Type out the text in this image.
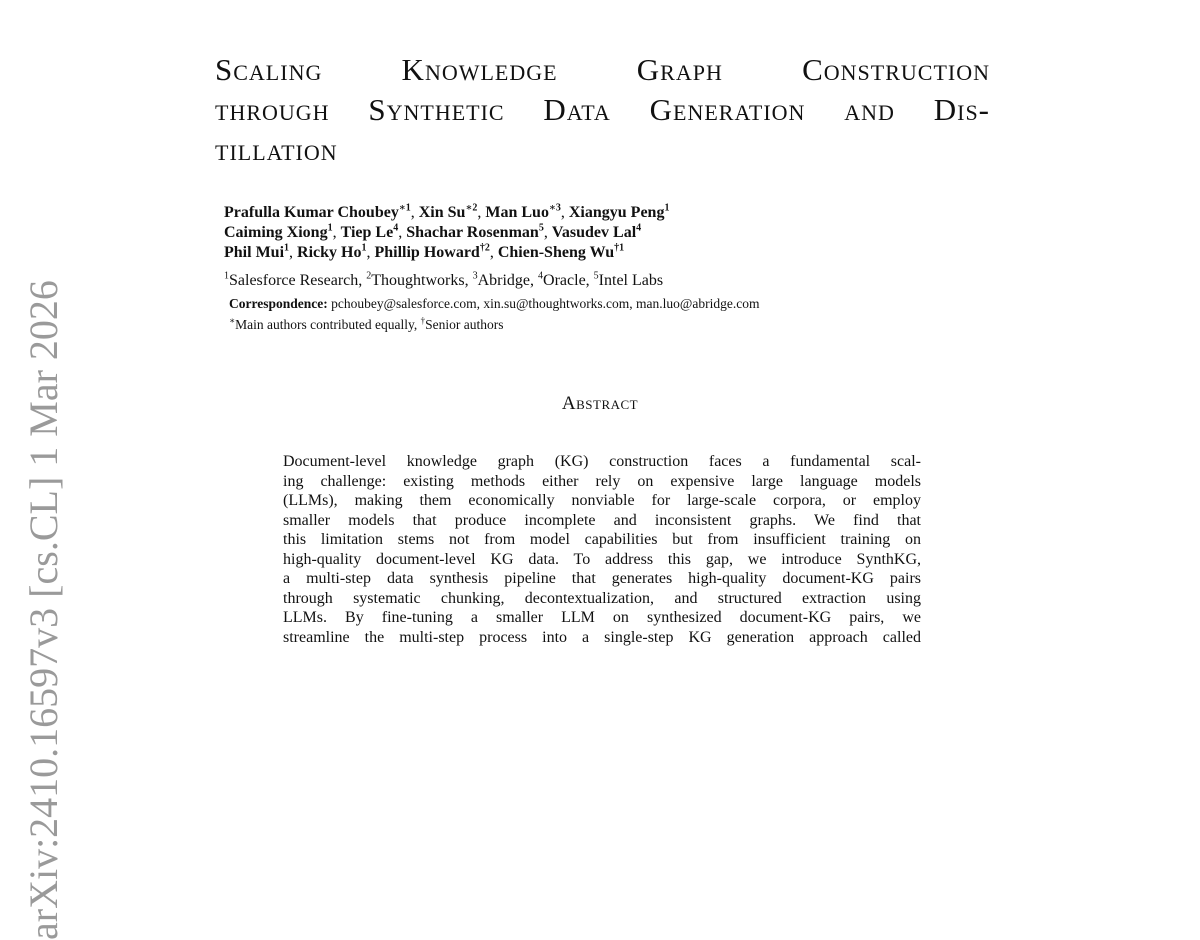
Scaling Knowledge Graph Construction
through Synthetic Data Generation and Dis-
tillation
Prafulla Kumar Choubey$^{∗1}$, Xin $Su^{∗2}$, Man Luo$^{∗3}$, Xiangyu Peng$^1$
Caiming Xiong$^1$, Tiep Le$^4$, Shachar Rosenman$^5$, Vasudev Lal$^4$
Phil Mui$^1$, Ricky Ho$^1$, Phillip Howard$^{\dagger 2}$, Chien-Sheng Wu$^{\dagger 1}$
$^1$Salesforce Research, $^2$Thoughtworks, $^3$Abridge, $^4$Oracle, $^5$Intel Labs
Correspondence: pchoubey@salesforce.com, xin.su@thoughtworks.com, man.luo@abridge.com
∗Main authors contributed equally, †Senior authors
Abstract
Document-level knowledge graph (KG) construction faces a fundamental scal-
ing challenge: existing methods either rely on expensive large language models
(LLMs), making them economically nonviable for large-scale corpora, or employ
smaller models that produce incomplete and inconsistent graphs. We find that
this limitation stems not from model capabilities but from insufficient training on
high-quality document-level KG data. To address this gap, we introduce SynthKG,
a multi-step data synthesis pipeline that generates high-quality document-KG pairs
through systematic chunking, decontextualization, and structured extraction using
LLMs. By fine-tuning a smaller LLM on synthesized document-KG pairs, we
streamline the multi-step process into a single-step KG generation approach called
arXiv:2410.16597v3 [cs.CL] 1 Mar 2026
